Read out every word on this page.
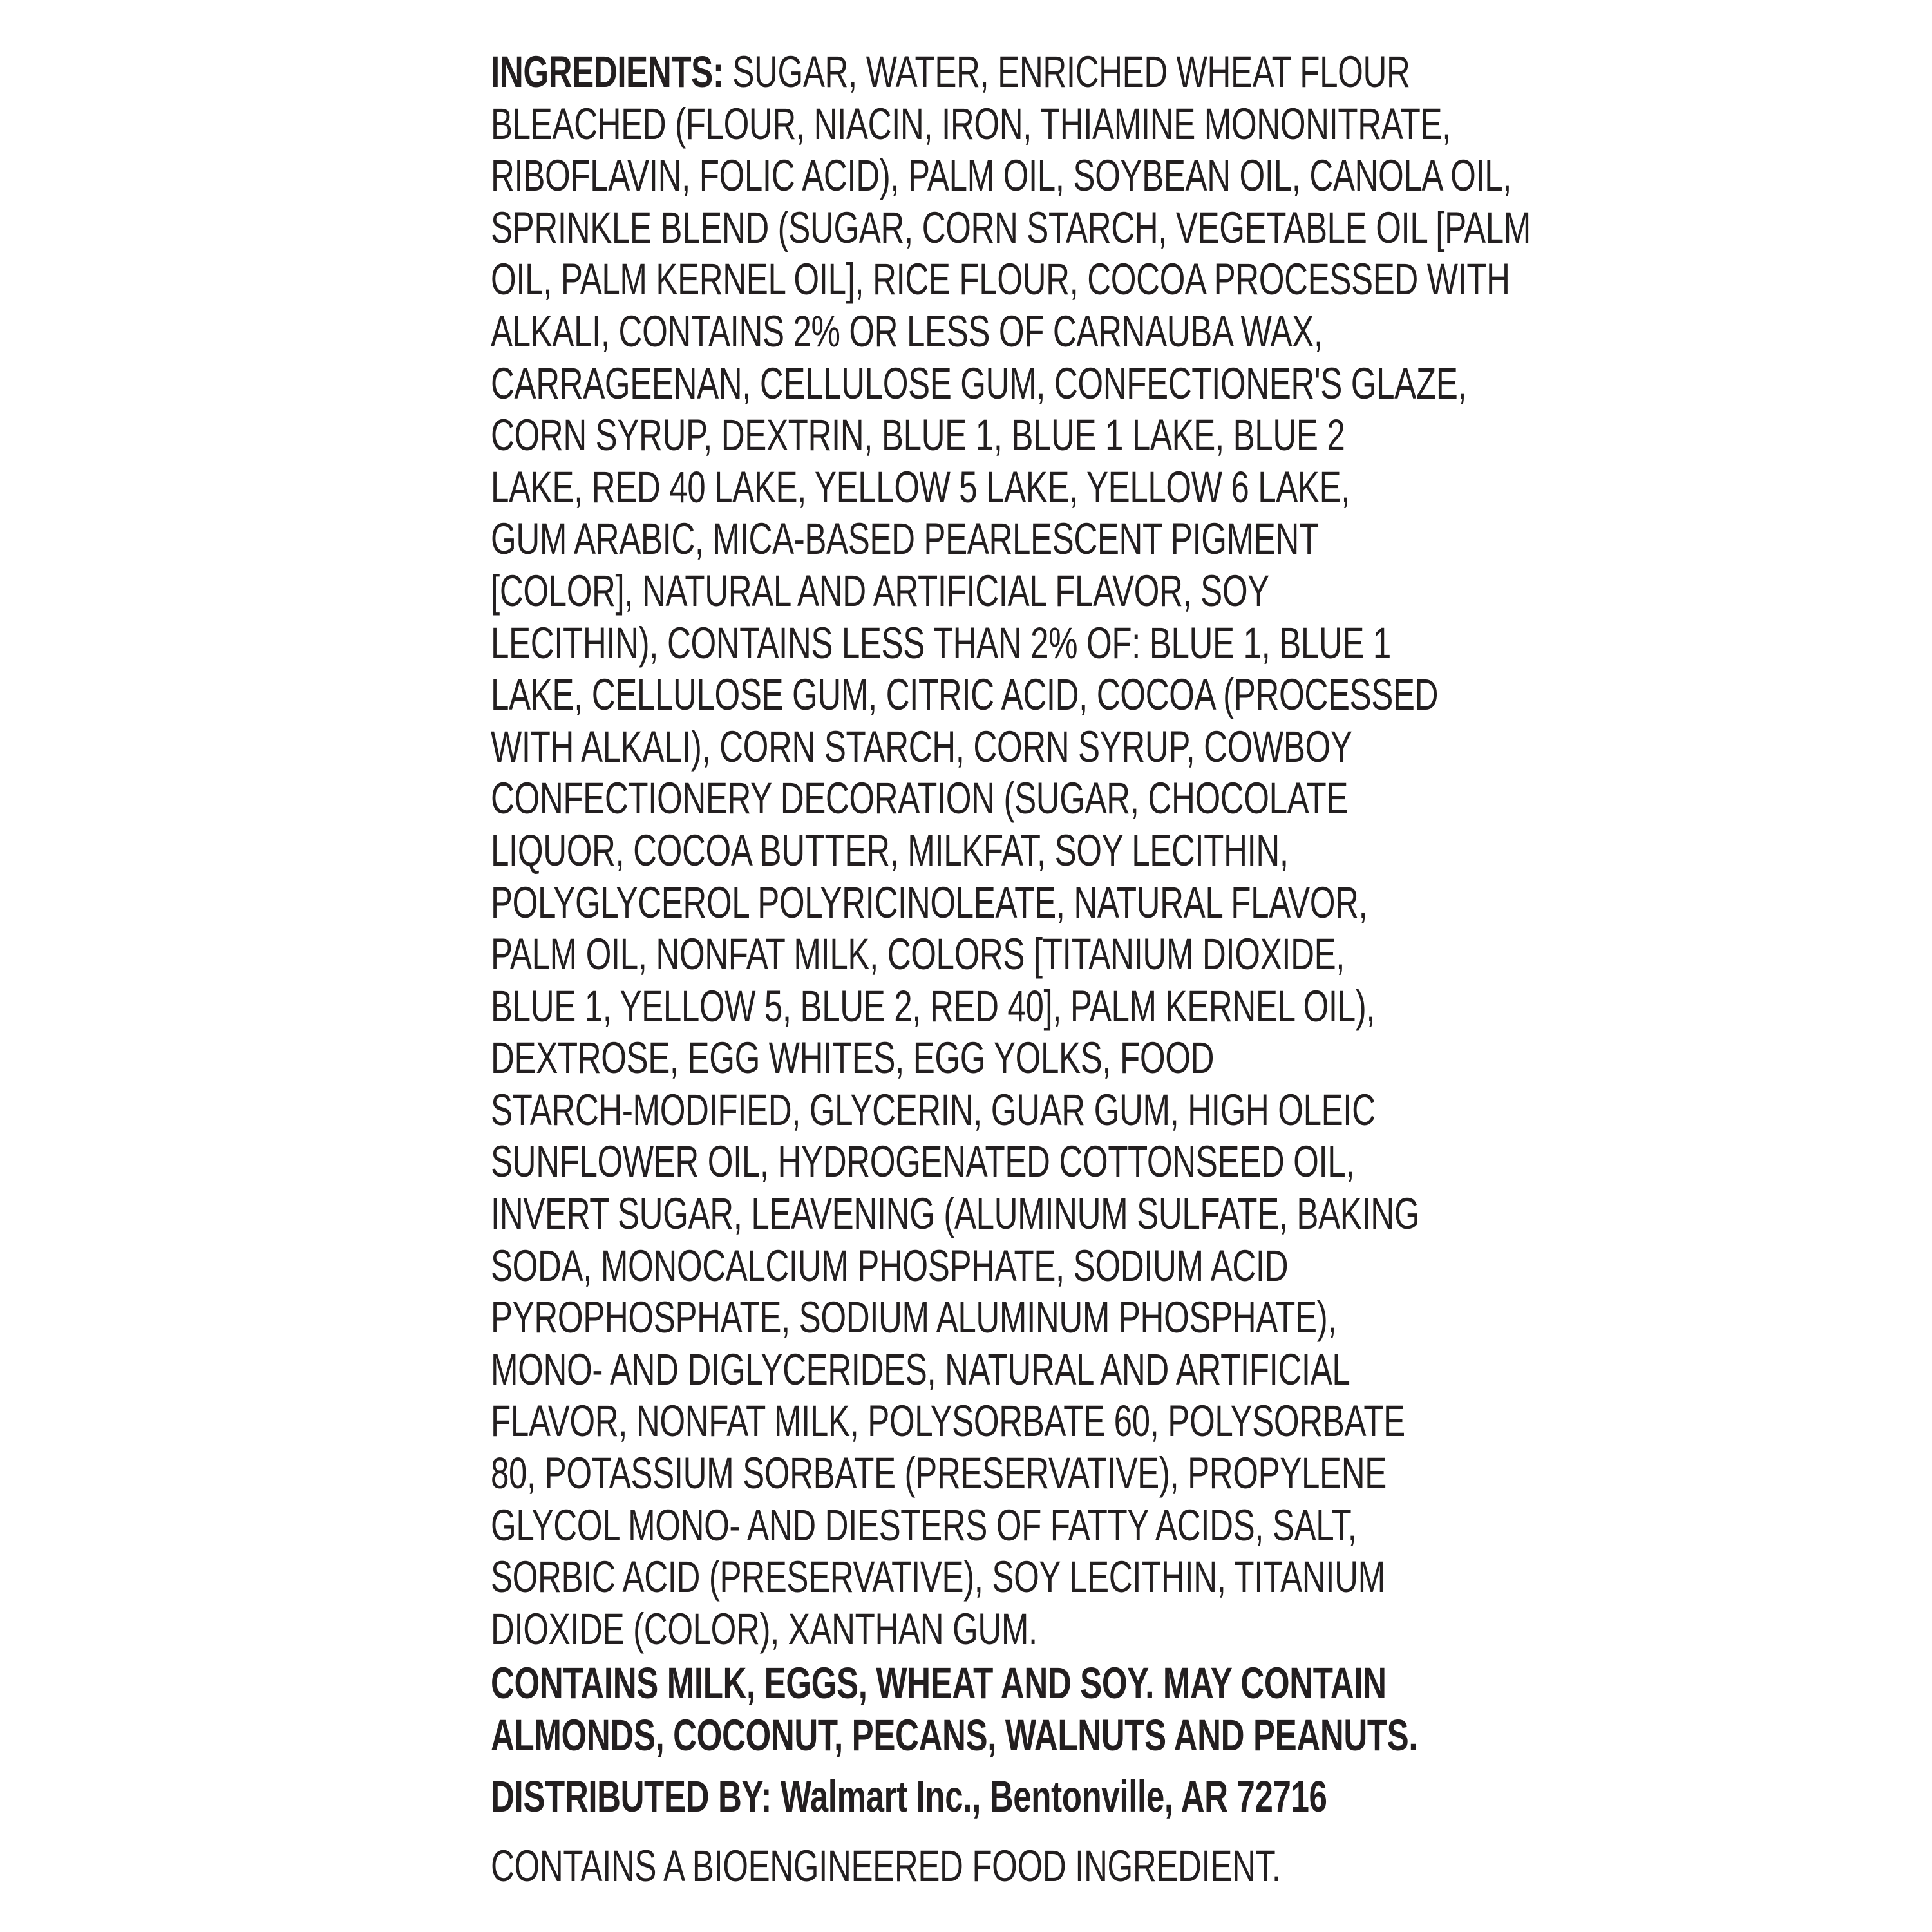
INGREDIENTS: SUGAR, WATER, ENRICHED WHEAT FLOUR
BLEACHED (FLOUR, NIACIN, IRON, THIAMINE MONONITRATE,
RIBOFLAVIN, FOLIC ACID), PALM OIL, SOYBEAN OIL, CANOLA OIL,
SPRINKLE BLEND (SUGAR, CORN STARCH, VEGETABLE OIL [PALM
OIL, PALM KERNEL OIL], RICE FLOUR, COCOA PROCESSED WITH
ALKALI, CONTAINS 2% OR LESS OF CARNAUBA WAX,
CARRAGEENAN, CELLULOSE GUM, CONFECTIONER'S GLAZE,
CORN SYRUP, DEXTRIN, BLUE 1, BLUE 1 LAKE, BLUE 2
LAKE, RED 40 LAKE, YELLOW 5 LAKE, YELLOW 6 LAKE,
GUM ARABIC, MICA-BASED PEARLESCENT PIGMENT
[COLOR], NATURAL AND ARTIFICIAL FLAVOR, SOY
LECITHIN), CONTAINS LESS THAN 2% OF: BLUE 1, BLUE 1
LAKE, CELLULOSE GUM, CITRIC ACID, COCOA (PROCESSED
WITH ALKALI), CORN STARCH, CORN SYRUP, COWBOY
CONFECTIONERY DECORATION (SUGAR, CHOCOLATE
LIQUOR, COCOA BUTTER, MILKFAT, SOY LECITHIN,
POLYGLYCEROL POLYRICINOLEATE, NATURAL FLAVOR,
PALM OIL, NONFAT MILK, COLORS [TITANIUM DIOXIDE,
BLUE 1, YELLOW 5, BLUE 2, RED 40], PALM KERNEL OIL),
DEXTROSE, EGG WHITES, EGG YOLKS, FOOD
STARCH-MODIFIED, GLYCERIN, GUAR GUM, HIGH OLEIC
SUNFLOWER OIL, HYDROGENATED COTTONSEED OIL,
INVERT SUGAR, LEAVENING (ALUMINUM SULFATE, BAKING
SODA, MONOCALCIUM PHOSPHATE, SODIUM ACID
PYROPHOSPHATE, SODIUM ALUMINUM PHOSPHATE),
MONO- AND DIGLYCERIDES, NATURAL AND ARTIFICIAL
FLAVOR, NONFAT MILK, POLYSORBATE 60, POLYSORBATE
80, POTASSIUM SORBATE (PRESERVATIVE), PROPYLENE
GLYCOL MONO- AND DIESTERS OF FATTY ACIDS, SALT,
SORBIC ACID (PRESERVATIVE), SOY LECITHIN, TITANIUM
DIOXIDE (COLOR), XANTHAN GUM.
CONTAINS MILK, EGGS, WHEAT AND SOY. MAY CONTAIN
ALMONDS, COCONUT, PECANS, WALNUTS AND PEANUTS.
DISTRIBUTED BY: Walmart Inc., Bentonville, AR 72716
CONTAINS A BIOENGINEERED FOOD INGREDIENT.
